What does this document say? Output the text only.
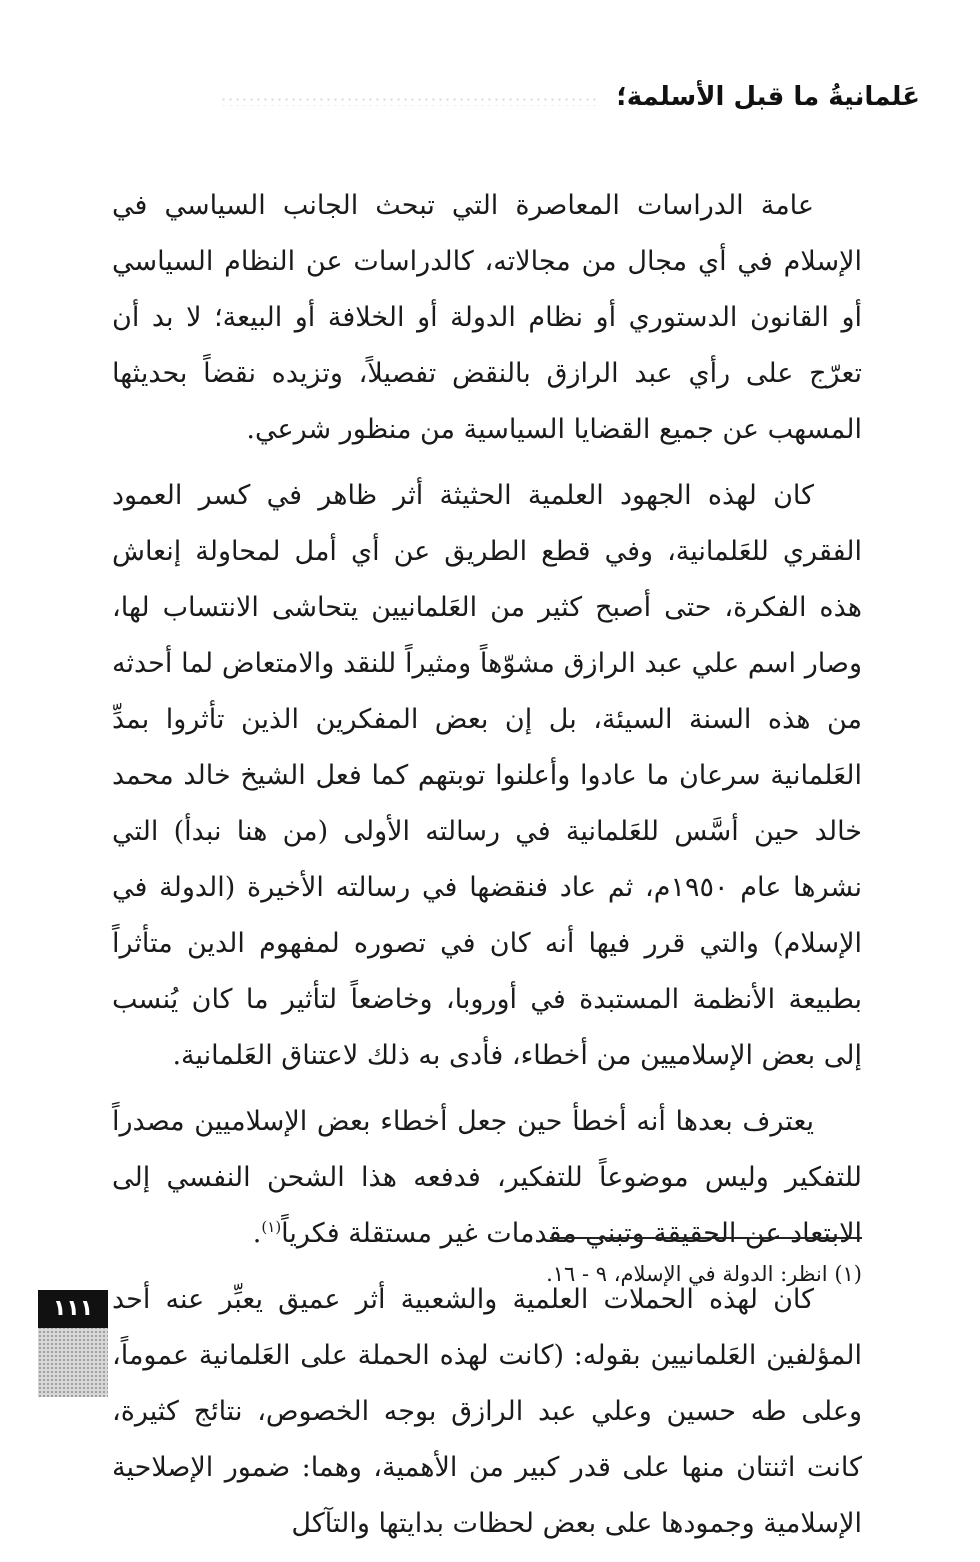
عَلمانيةُ ما قبل الأسلمة؛

عامة الدراسات المعاصرة التي تبحث الجانب السياسي في الإسلام في أي مجال من مجالاته، كالدراسات عن النظام السياسي أو القانون الدستوري أو نظام الدولة أو الخلافة أو البيعة؛ لا بد أن تعرّج على رأي عبد الرازق بالنقض تفصيلاً، وتزيده نقضاً بحديثها المسهب عن جميع القضايا السياسية من منظور شرعي.

كان لهذه الجهود العلمية الحثيثة أثر ظاهر في كسر العمود الفقري للعَلمانية، وفي قطع الطريق عن أي أمل لمحاولة إنعاش هذه الفكرة، حتى أصبح كثير من العَلمانيين يتحاشى الانتساب لها، وصار اسم علي عبد الرازق مشوّهاً ومثيراً للنقد والامتعاض لما أحدثه من هذه السنة السيئة، بل إن بعض المفكرين الذين تأثروا بمدِّ العَلمانية سرعان ما عادوا وأعلنوا توبتهم كما فعل الشيخ خالد محمد خالد حين أسَّس للعَلمانية في رسالته الأولى (من هنا نبدأ) التي نشرها عام ١٩٥٠م، ثم عاد فنقضها في رسالته الأخيرة (الدولة في الإسلام) والتي قرر فيها أنه كان في تصوره لمفهوم الدين متأثراً بطبيعة الأنظمة المستبدة في أوروبا، وخاضعاً لتأثير ما كان يُنسب إلى بعض الإسلاميين من أخطاء، فأدى به ذلك لاعتناق العَلمانية.

يعترف بعدها أنه أخطأ حين جعل أخطاء بعض الإسلاميين مصدراً للتفكير وليس موضوعاً للتفكير، فدفعه هذا الشحن النفسي إلى الابتعاد عن الحقيقة وتبني مقدمات غير مستقلة فكرياً$^{(١)}$.

كان لهذه الحملات العلمية والشعبية أثر عميق يعبِّر عنه أحد المؤلفين العَلمانيين بقوله: (كانت لهذه الحملة على العَلمانية عموماً، وعلى طه حسين وعلي عبد الرازق بوجه الخصوص، نتائج كثيرة، كانت اثنتان منها على قدر كبير من الأهمية، وهما: ضمور الإصلاحية الإسلامية وجمودها على بعض لحظات بدايتها والتآكل

(١) انظر: الدولة في الإسلام، ٩ - ١٦.
١١١
